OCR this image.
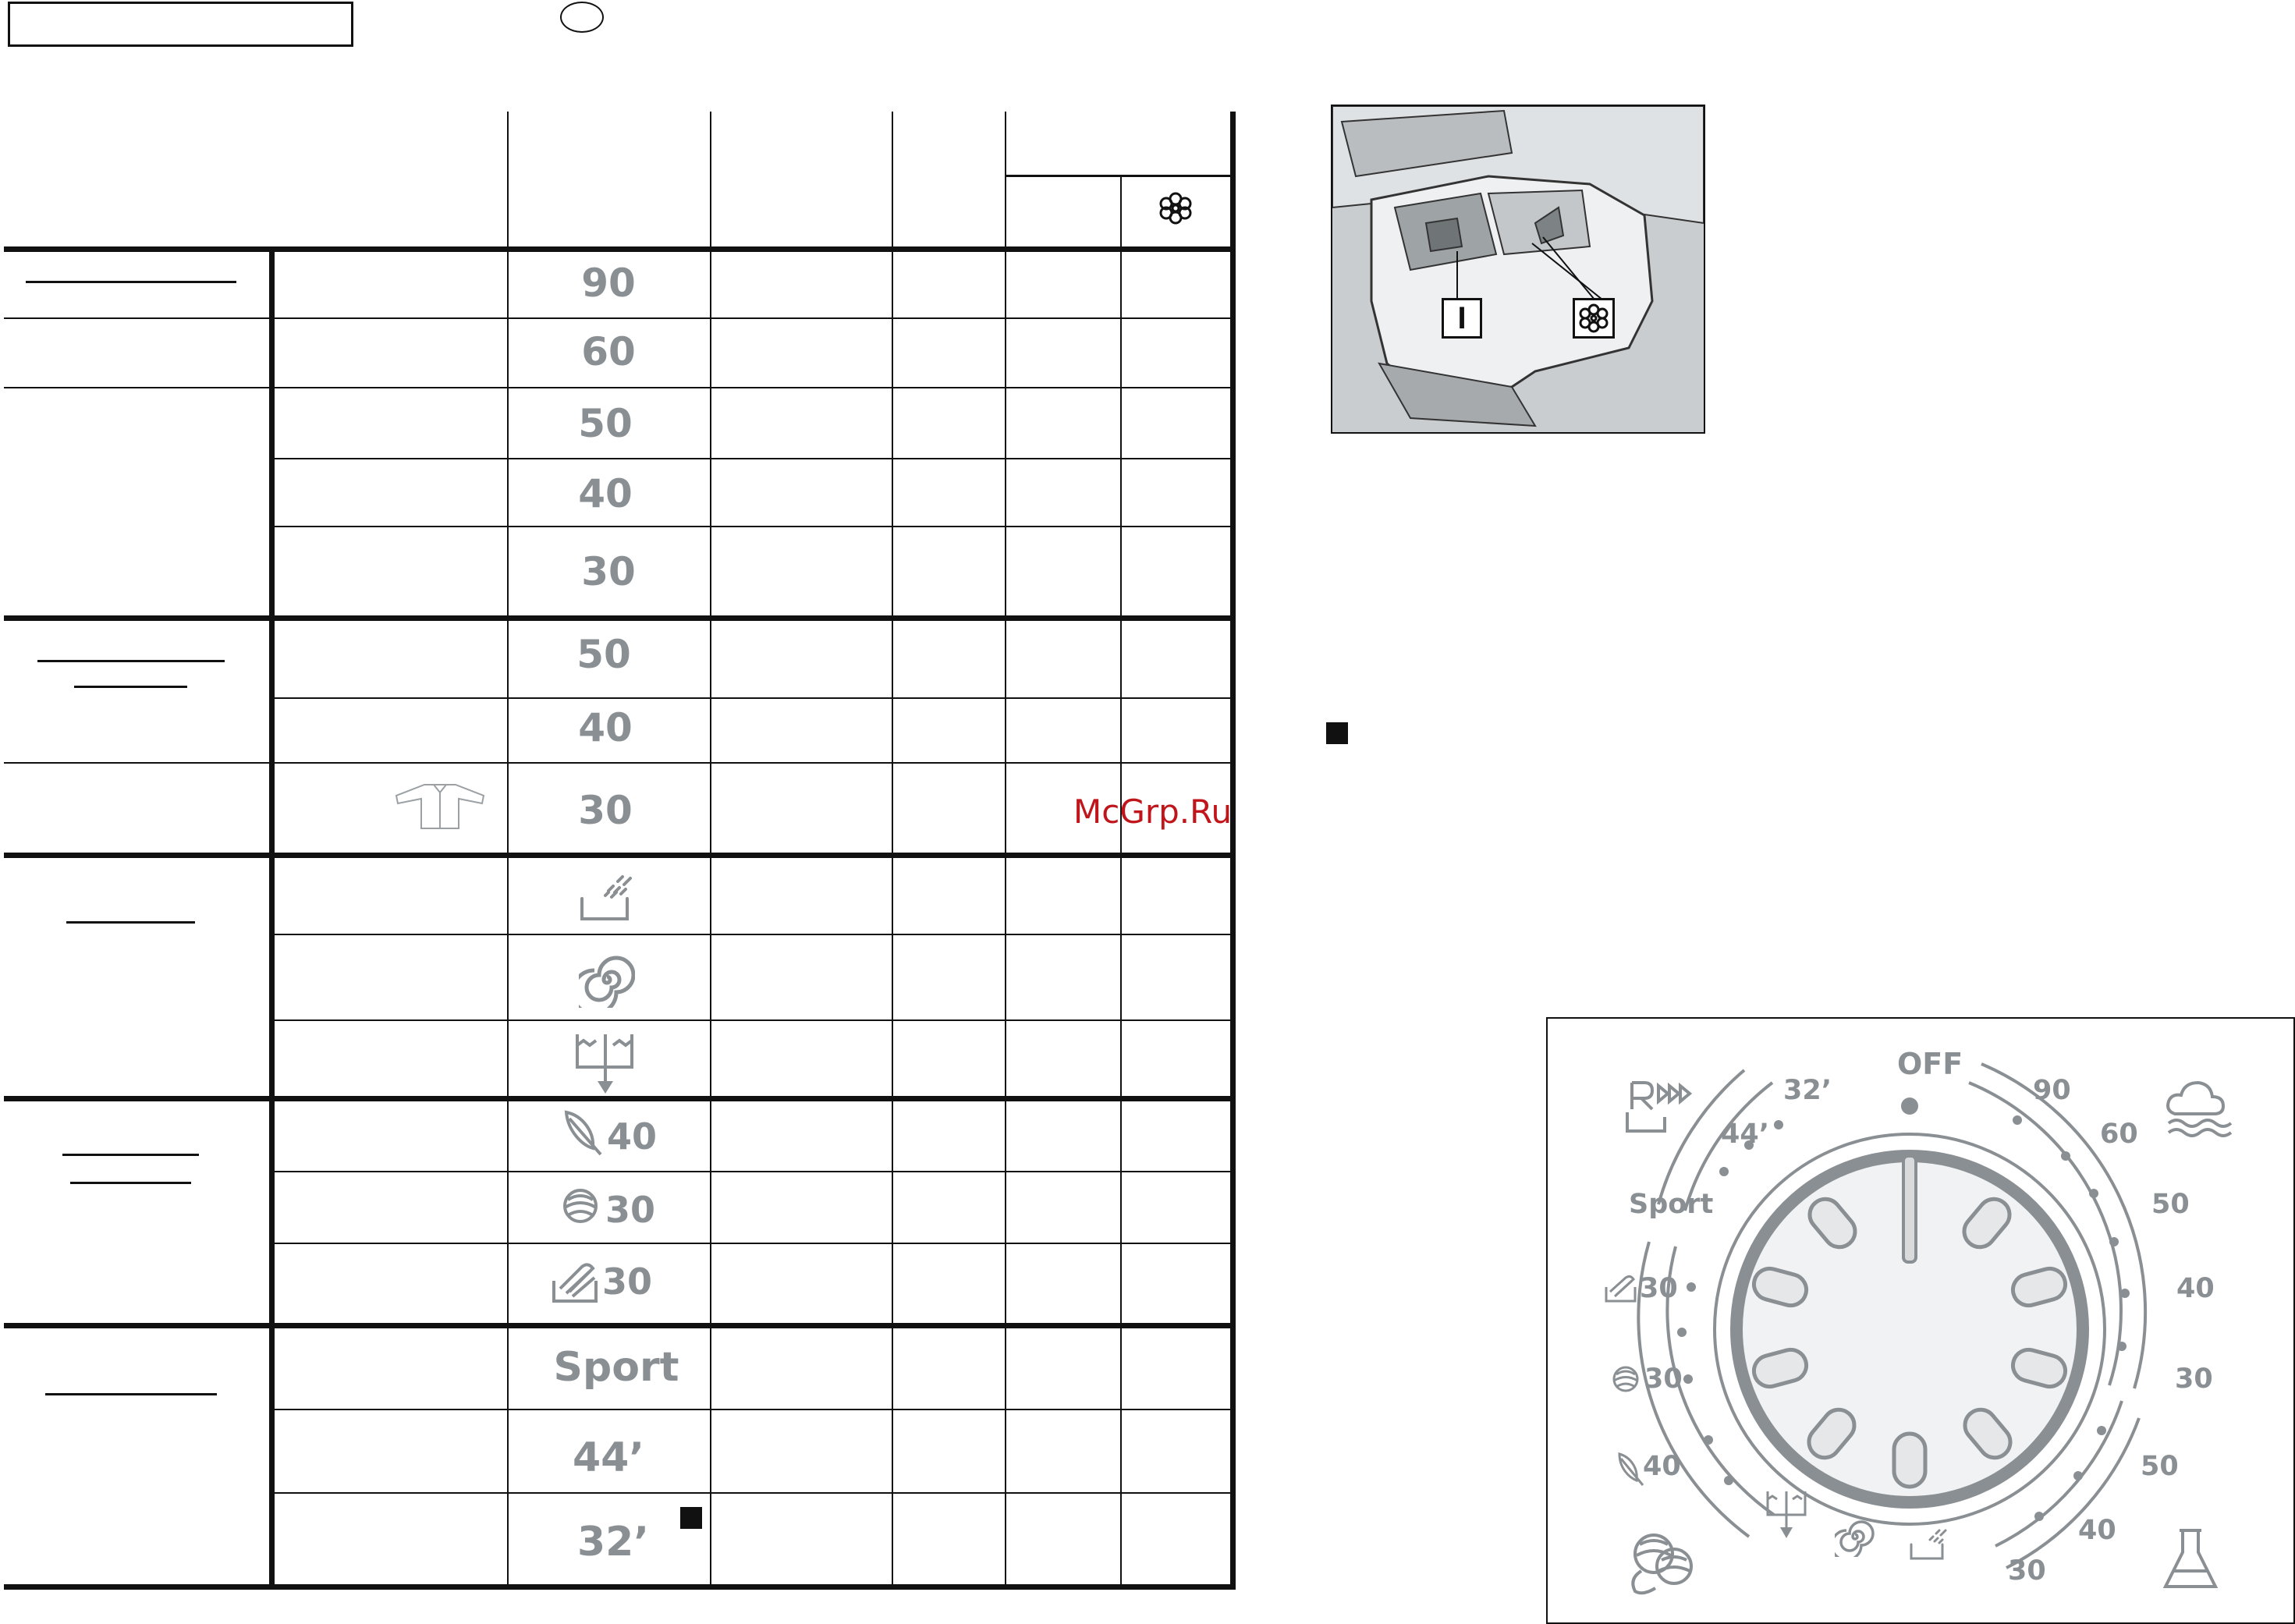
90
60
50
40
30
50
40
30
40
30
30
Sport
44’
32’
McGrp.Ru
I
OFF
90
60
50
40
30
50
40
30
32’
44’
Sport
30
30
40
